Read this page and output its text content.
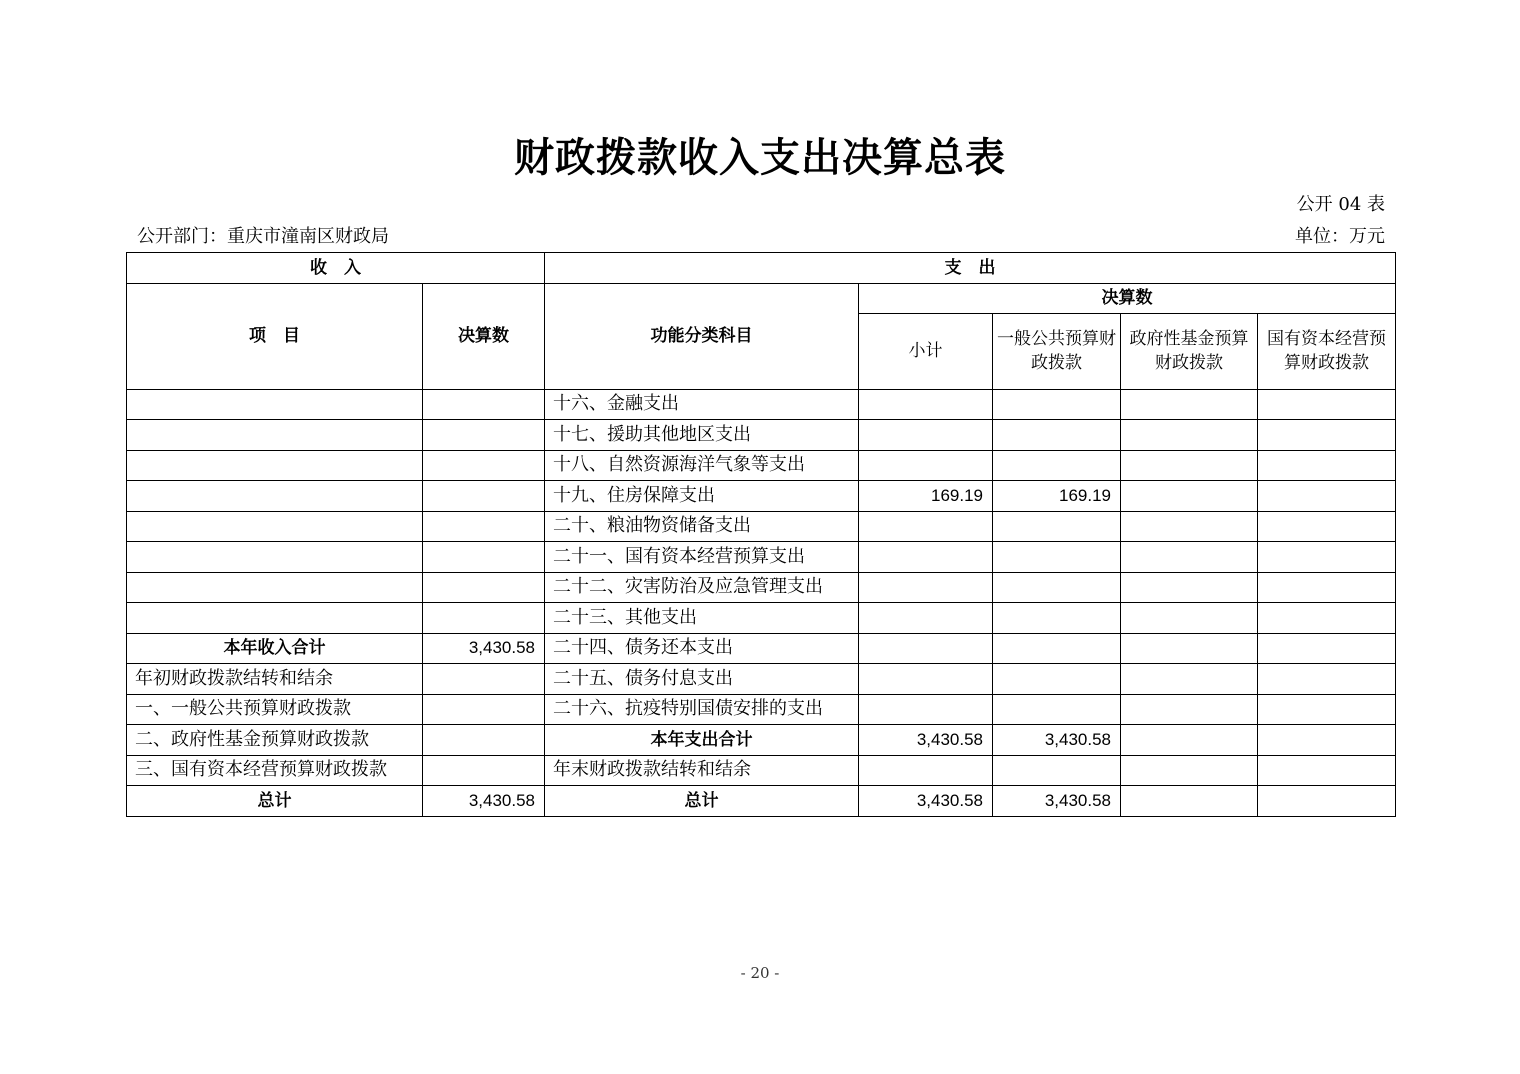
财政拨款收入支出决算总表
公开 04 表
公开部门：重庆市潼南区财政局	单位：万元
收　入		支　出				
项　目	决算数	功能分类科目	决算数			
			小计	一般公共预算财政拨款	政府性基金预算财政拨款	国有资本经营预算财政拨款
		十六、金融支出				
		十七、援助其他地区支出				
		十八、自然资源海洋气象等支出				
		十九、住房保障支出	169.19	169.19		
		二十、粮油物资储备支出				
		二十一、国有资本经营预算支出				
		二十二、灾害防治及应急管理支出				
		二十三、其他支出				
本年收入合计	3,430.58	二十四、债务还本支出				
年初财政拨款结转和结余		二十五、债务付息支出				
一、一般公共预算财政拨款		二十六、抗疫特别国债安排的支出				
二、政府性基金预算财政拨款		本年支出合计	3,430.58	3,430.58		
三、国有资本经营预算财政拨款		年末财政拨款结转和结余				
总计	3,430.58	总计	3,430.58	3,430.58		
- 20 -
